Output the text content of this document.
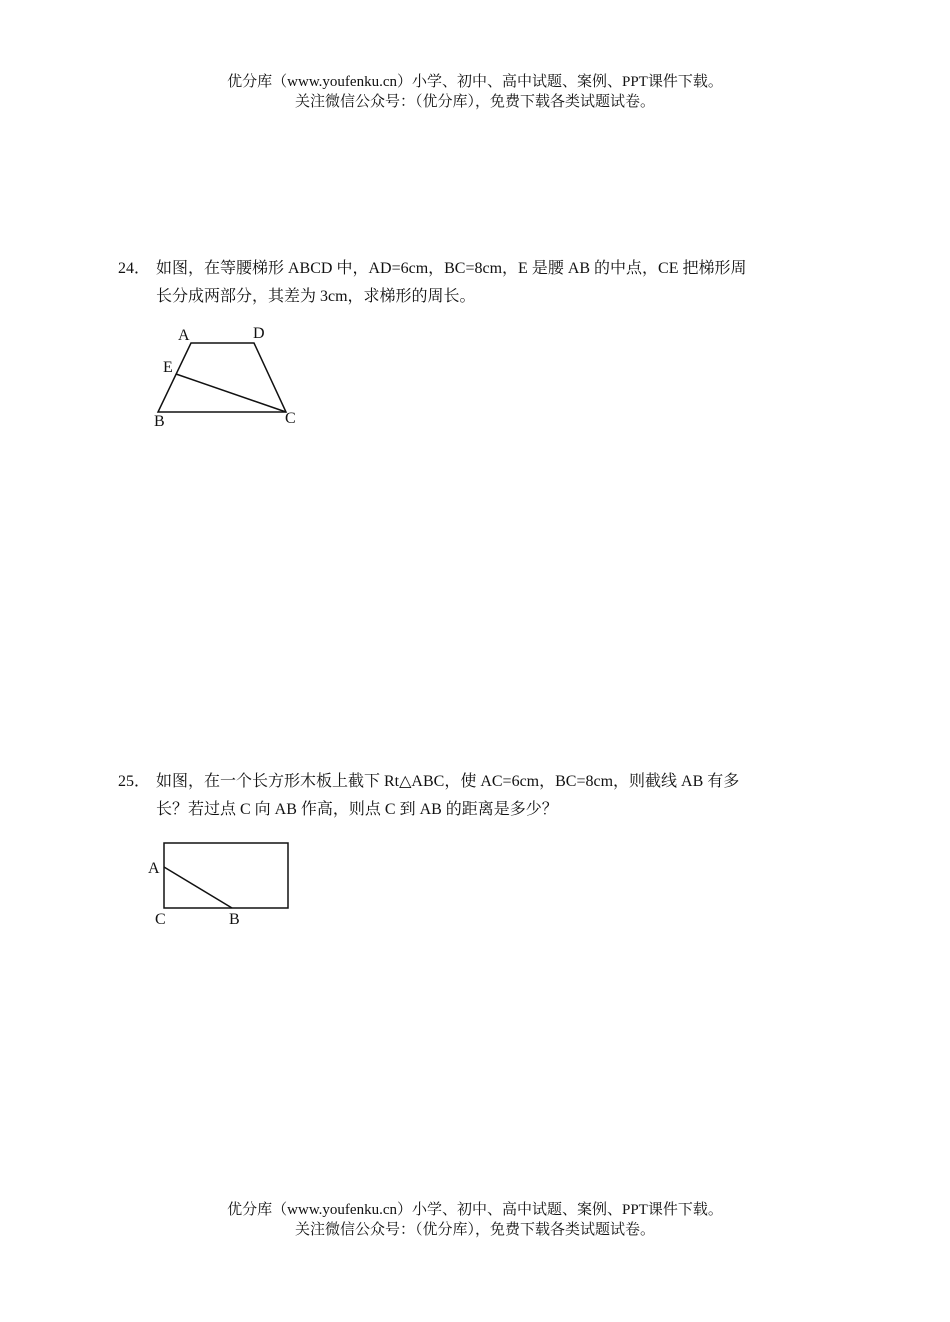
优分库（www.youfenku.cn）小学、初中、高中试题、案例、PPT课件下载。
关注微信公众号：（优分库），免费下载各类试题试卷。
24． 如图，在等腰梯形 ABCD 中，AD=6cm，BC=8cm，E 是腰 AB 的中点，CE 把梯形周
长分成两部分，其差为 3cm，求梯形的周长。
A	D
E
B	C
25． 如图，在一个长方形木板上截下 Rt△ABC，使 AC=6cm，BC=8cm，则截线 AB 有多
长？若过点 C 向 AB 作高，则点 C 到 AB 的距离是多少？
A
C	B
优分库（www.youfenku.cn）小学、初中、高中试题、案例、PPT课件下载。
关注微信公众号：（优分库），免费下载各类试题试卷。
